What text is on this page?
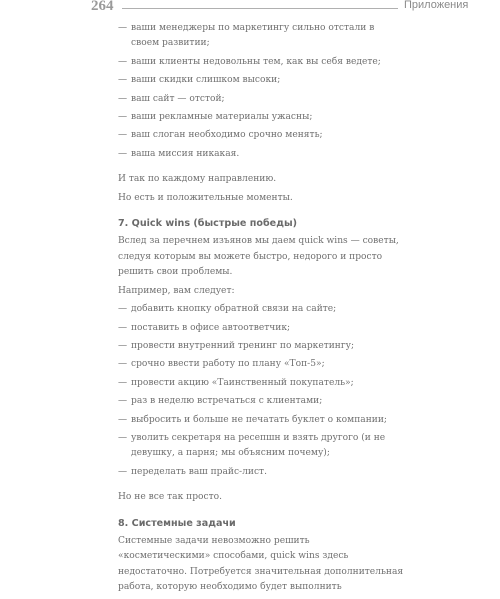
264	Приложения
— ваши менеджеры по маркетингу сильно отстали в своем развитии;
— ваши клиенты недовольны тем, как вы себя ведете;
— ваши скидки слишком высоки;
— ваш сайт — отстой;
— ваши рекламные материалы ужасны;
— ваш слоган необходимо срочно менять;
— ваша миссия никакая.

И так по каждому направлению.

Но есть и положительные моменты.

7. Quick wins (быстрые победы)

Вслед за перечнем изъянов мы даем quick wins — советы, следуя которым вы можете быстро, недорого и просто решить свои проблемы.

Например, вам следует:

— добавить кнопку обратной связи на сайте;
— поставить в офисе автоответчик;
— провести внутренний тренинг по маркетингу;
— срочно ввести работу по плану «Топ-5»;
— провести акцию «Таинственный покупатель»;
— раз в неделю встречаться с клиентами;
— выбросить и больше не печатать буклет о компании;
— уволить секретаря на ресепшн и взять другого (и не девушку, а парня; мы объясним почему);
— переделать ваш прайс-лист.

Но не все так просто.

8. Системные задачи

Системные задачи невозможно решить «косметическими» способами, quick wins здесь недостаточно. Потребуется значительная дополнительная работа, которую необходимо будет выполнить
